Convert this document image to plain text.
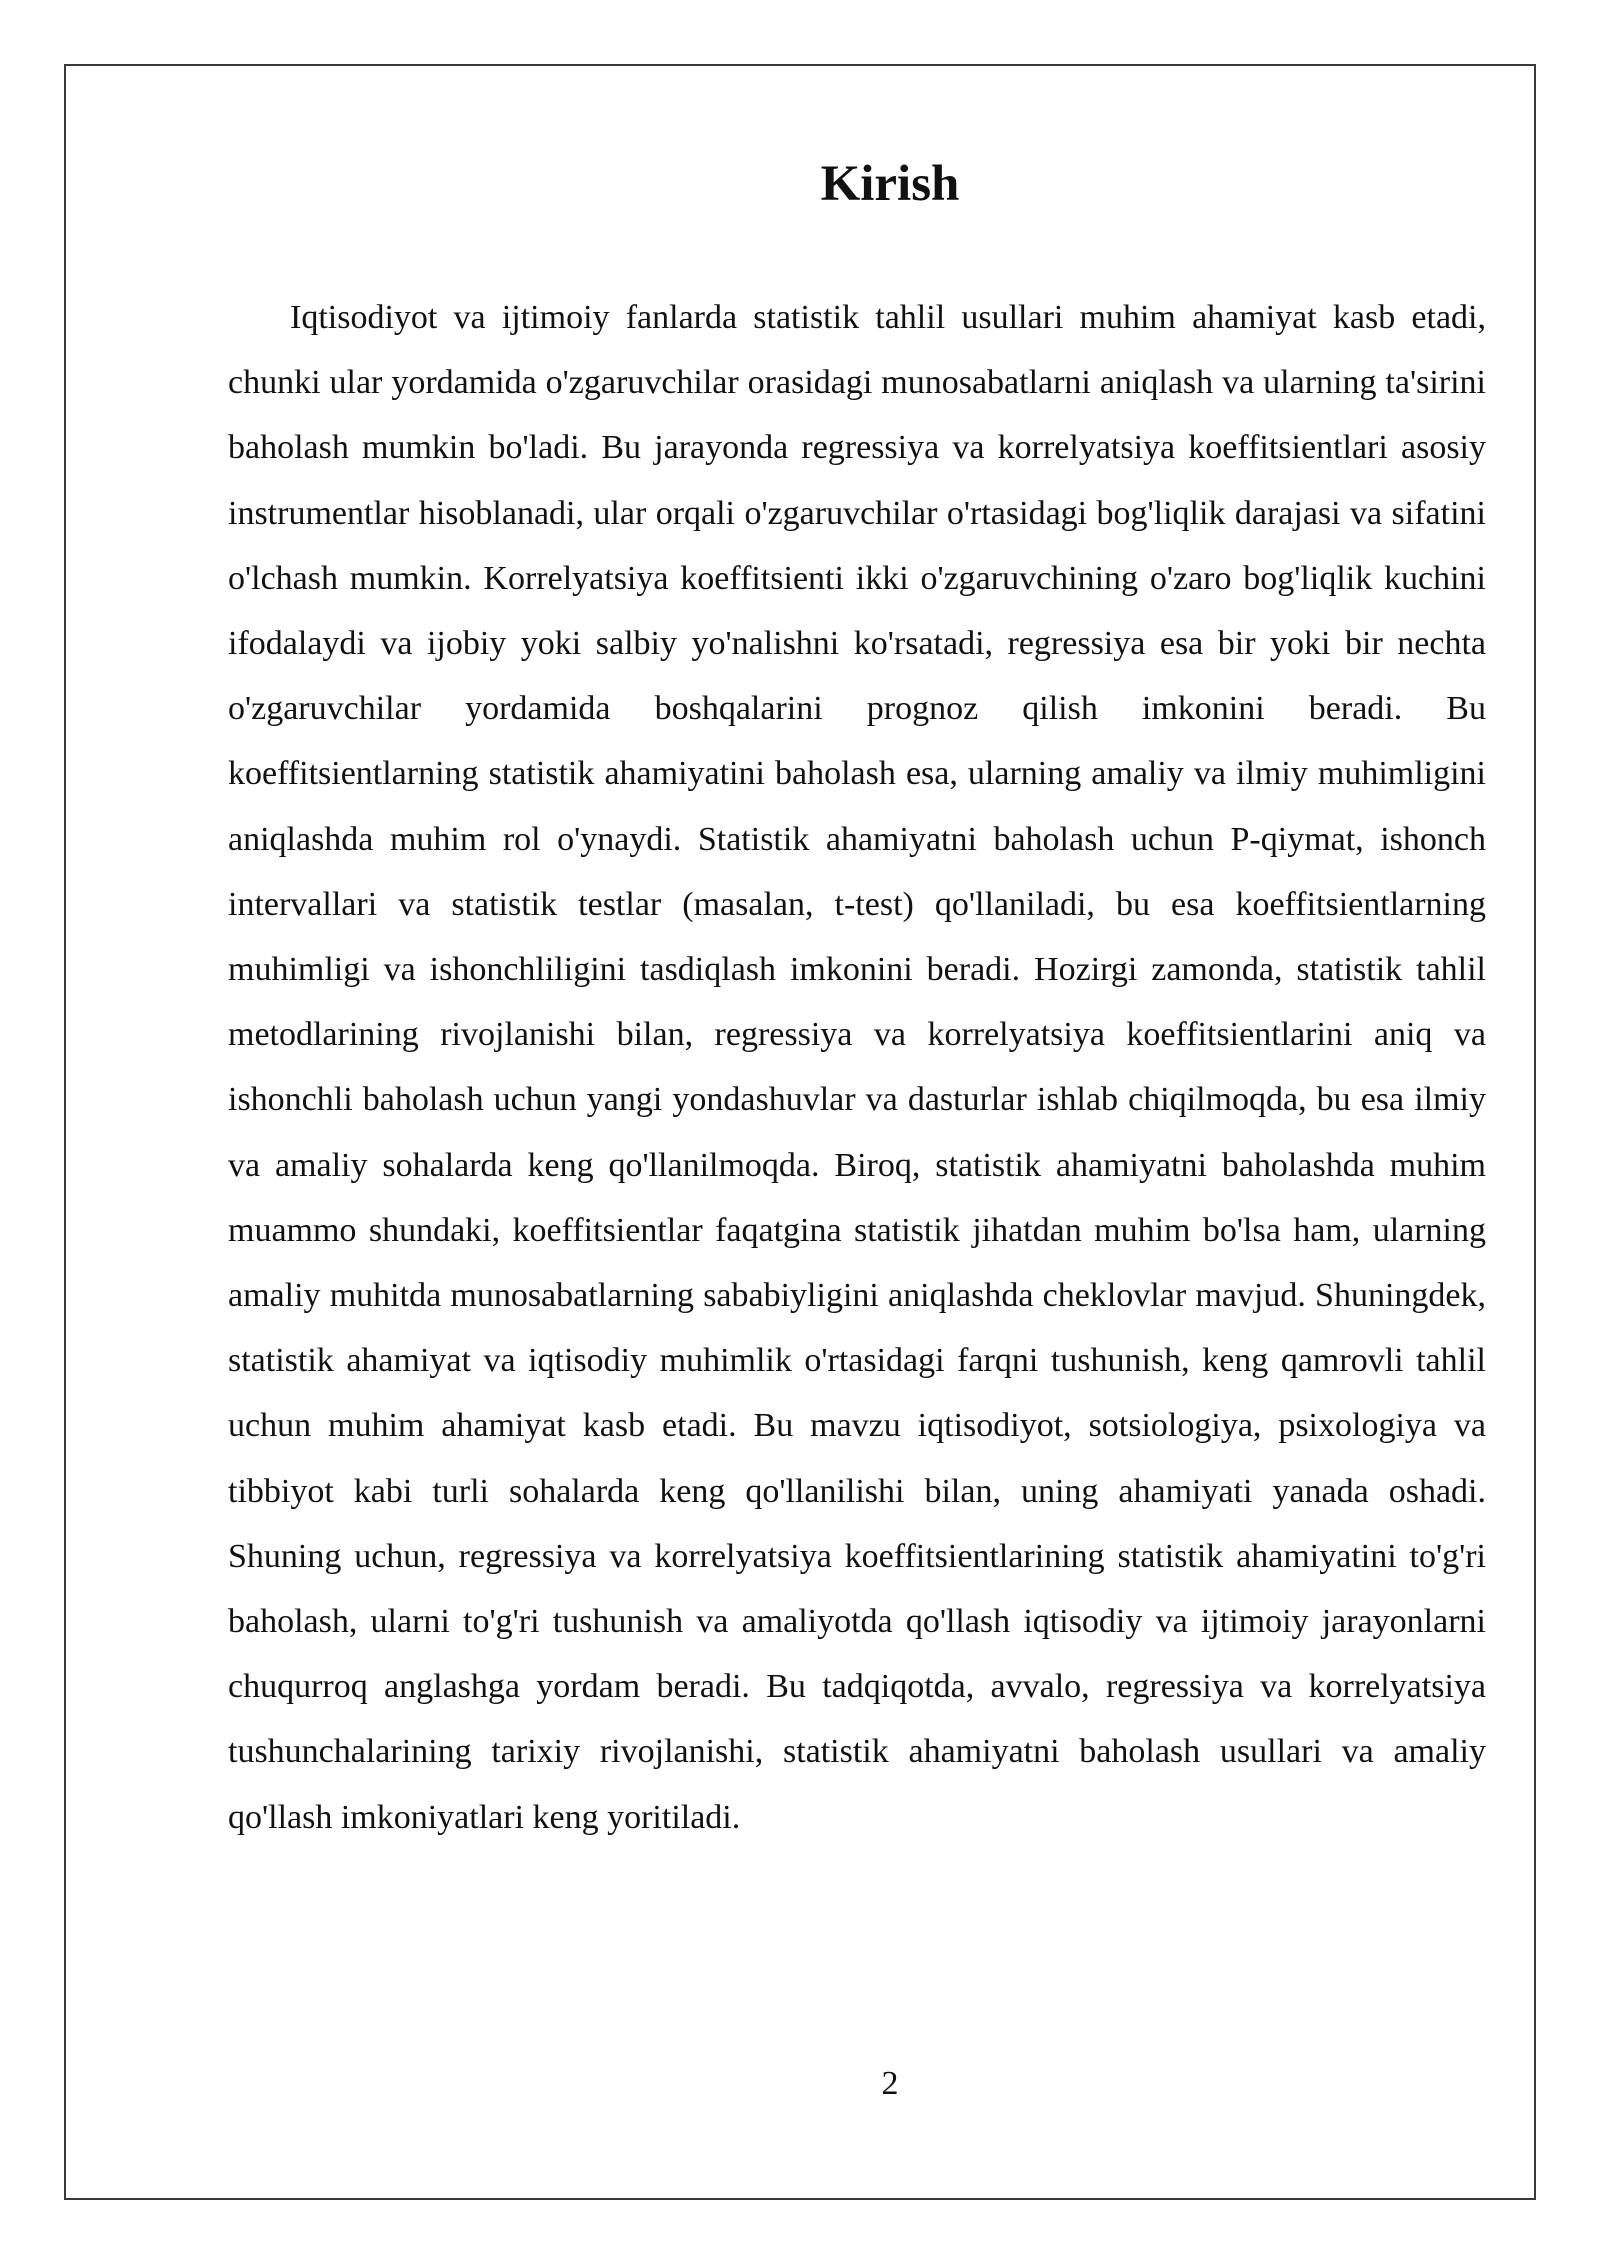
Kirish

Iqtisodiyot va ijtimoiy fanlarda statistik tahlil usullari muhim ahamiyat kasb etadi, chunki ular yordamida o'zgaruvchilar orasidagi munosabatlarni aniqlash va ularning ta'sirini baholash mumkin bo'ladi. Bu jarayonda regressiya va korrelyatsiya koeffitsientlari asosiy instrumentlar hisoblanadi, ular orqali o'zgaruvchilar o'rtasidagi bog'liqlik darajasi va sifatini o'lchash mumkin. Korrelyatsiya koeffitsienti ikki o'zgaruvchining o'zaro bog'liqlik kuchini ifodalaydi va ijobiy yoki salbiy yo'nalishni ko'rsatadi, regressiya esa bir yoki bir nechta o'zgaruvchilar yordamida boshqalarini prognoz qilish imkonini beradi. Bu koeffitsientlarning statistik ahamiyatini baholash esa, ularning amaliy va ilmiy muhimligini aniqlashda muhim rol o'ynaydi. Statistik ahamiyatni baholash uchun P-qiymat, ishonch intervallari va statistik testlar (masalan, t-test) qo'llaniladi, bu esa koeffitsientlarning muhimligi va ishonchliligini tasdiqlash imkonini beradi. Hozirgi zamonda, statistik tahlil metodlarining rivojlanishi bilan, regressiya va korrelyatsiya koeffitsientlarini aniq va ishonchli baholash uchun yangi yondashuvlar va dasturlar ishlab chiqilmoqda, bu esa ilmiy va amaliy sohalarda keng qo'llanilmoqda. Biroq, statistik ahamiyatni baholashda muhim muammo shundaki, koeffitsientlar faqatgina statistik jihatdan muhim bo'lsa ham, ularning amaliy muhitda munosabatlarning sababiyligini aniqlashda cheklovlar mavjud. Shuningdek, statistik ahamiyat va iqtisodiy muhimlik o'rtasidagi farqni tushunish, keng qamrovli tahlil uchun muhim ahamiyat kasb etadi. Bu mavzu iqtisodiyot, sotsiologiya, psixologiya va tibbiyot kabi turli sohalarda keng qo'llanilishi bilan, uning ahamiyati yanada oshadi. Shuning uchun, regressiya va korrelyatsiya koeffitsientlarining statistik ahamiyatini to'g'ri baholash, ularni to'g'ri tushunish va amaliyotda qo'llash iqtisodiy va ijtimoiy jarayonlarni chuqurroq anglashga yordam beradi. Bu tadqiqotda, avvalo, regressiya va korrelyatsiya tushunchalarining tarixiy rivojlanishi, statistik ahamiyatni baholash usullari va amaliy qo'llash imkoniyatlari keng yoritiladi.

2
